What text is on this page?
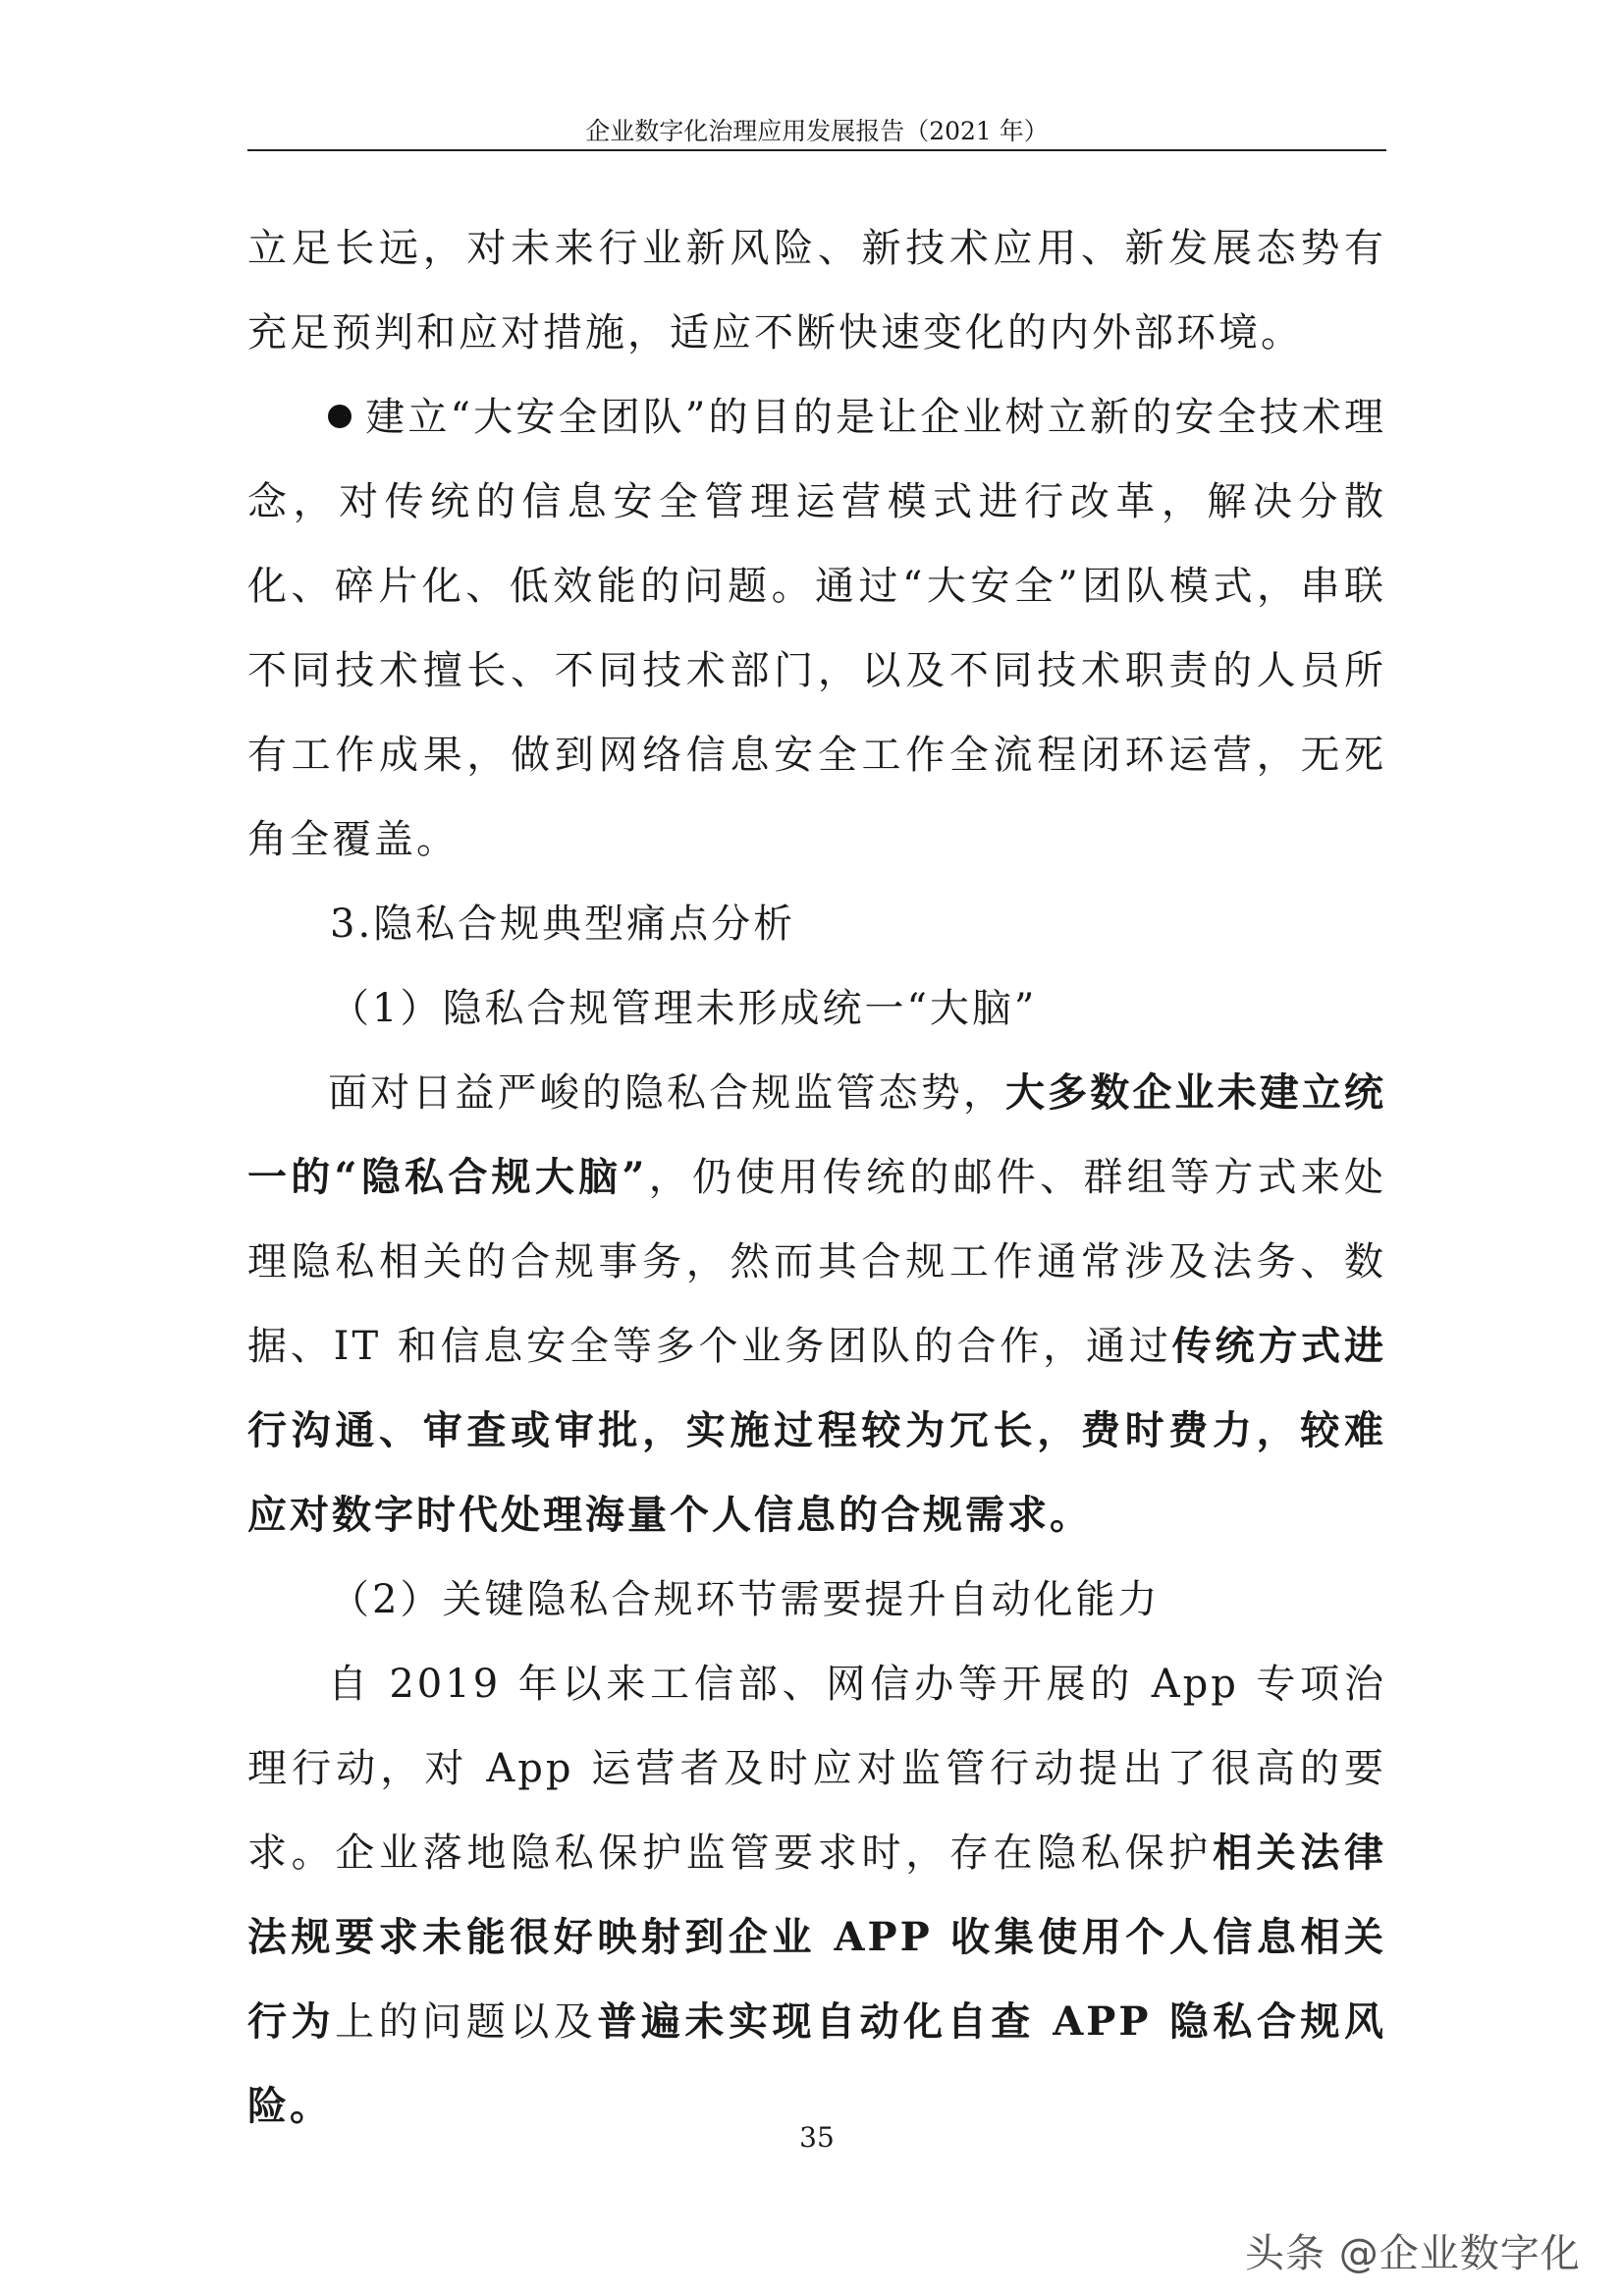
企业数字化治理应用发展报告（2021 年）

立足长远，对未来行业新风险、新技术应用、新发展态势有充足预判和应对措施，适应不断快速变化的内外部环境。

建立“大安全团队”的目的是让企业树立新的安全技术理念，对传统的信息安全管理运营模式进行改革，解决分散化、碎片化、低效能的问题。通过“大安全”团队模式，串联不同技术擅长、不同技术部门，以及不同技术职责的人员所有工作成果，做到网络信息安全工作全流程闭环运营，无死角全覆盖。

3.隐私合规典型痛点分析

（1）隐私合规管理未形成统一“大脑”

面对日益严峻的隐私合规监管态势，大多数企业未建立统一的“隐私合规大脑”，仍使用传统的邮件、群组等方式来处理隐私相关的合规事务，然而其合规工作通常涉及法务、数据、IT 和信息安全等多个业务团队的合作，通过传统方式进行沟通、审查或审批，实施过程较为冗长，费时费力，较难应对数字时代处理海量个人信息的合规需求。

（2）关键隐私合规环节需要提升自动化能力

自 2019 年以来工信部、网信办等开展的 App 专项治理行动，对 App 运营者及时应对监管行动提出了很高的要求。企业落地隐私保护监管要求时，存在隐私保护相关法律法规要求未能很好映射到企业 APP 收集使用个人信息相关行为上的问题以及普遍未实现自动化自查 APP 隐私合规风险。

35
头条 @企业数字化
